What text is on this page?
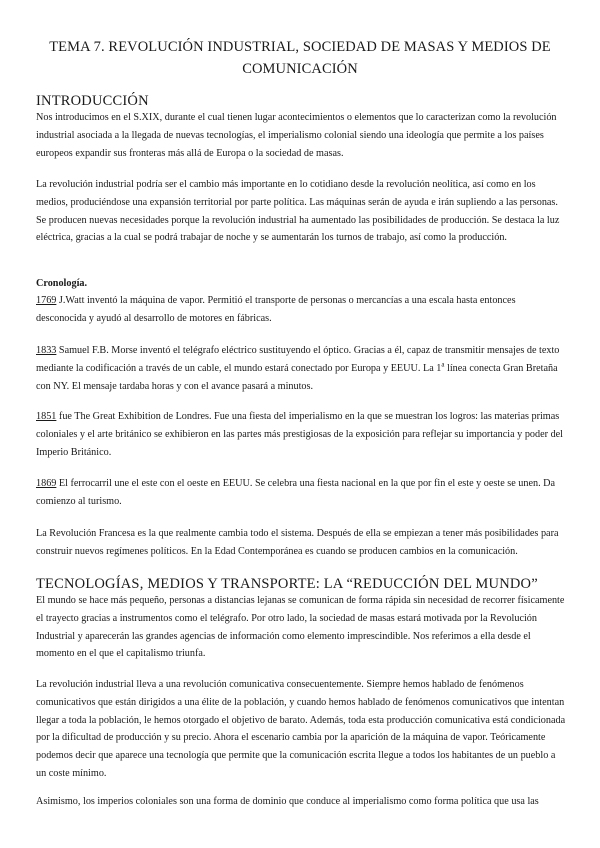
TEMA 7. REVOLUCIÓN INDUSTRIAL, SOCIEDAD DE MASAS Y MEDIOS DE COMUNICACIÓN
INTRODUCCIÓN
Nos introducimos en el S.XIX, durante el cual tienen lugar acontecimientos o elementos que lo caracterizan como la revolución industrial asociada a la llegada de nuevas tecnologías, el imperialismo colonial siendo una ideología que permite a los países europeos expandir sus fronteras más allá de Europa o la sociedad de masas.
La revolución industrial podría ser el cambio más importante en lo cotidiano desde la revolución neolítica, así como en los medios, produciéndose una expansión territorial por parte política. Las máquinas serán de ayuda e irán supliendo a las personas. Se producen nuevas necesidades porque la revolución industrial ha aumentado las posibilidades de producción. Se destaca la luz eléctrica, gracias a la cual se podrá trabajar de noche y se aumentarán los turnos de trabajo, así como la producción.
Cronología.
1769 J.Watt inventó la máquina de vapor. Permitió el transporte de personas o mercancías a una escala hasta entonces desconocida y ayudó al desarrollo de motores en fábricas.
1833 Samuel F.B. Morse inventó el telégrafo eléctrico sustituyendo el óptico. Gracias a él, capaz de transmitir mensajes de texto mediante la codificación a través de un cable, el mundo estará conectado por Europa y EEUU. La 1$^a$ línea conecta Gran Bretaña con NY. El mensaje tardaba horas y con el avance pasará a minutos.
1851 fue The Great Exhibition de Londres. Fue una fiesta del imperialismo en la que se muestran los logros: las materias primas coloniales y el arte británico se exhibieron en las partes más prestigiosas de la exposición para reflejar su importancia y poder del Imperio Británico.
1869 El ferrocarril une el este con el oeste en EEUU. Se celebra una fiesta nacional en la que por fin el este y oeste se unen. Da comienzo al turismo.
La Revolución Francesa es la que realmente cambia todo el sistema. Después de ella se empiezan a tener más posibilidades para construir nuevos regímenes políticos. En la Edad Contemporánea es cuando se producen cambios en la comunicación.
TECNOLOGÍAS, MEDIOS Y TRANSPORTE: LA “REDUCCIÓN DEL MUNDO”
El mundo se hace más pequeño, personas a distancias lejanas se comunican de forma rápida sin necesidad de recorrer físicamente el trayecto gracias a instrumentos como el telégrafo. Por otro lado, la sociedad de masas estará motivada por la Revolución Industrial y aparecerán las grandes agencias de información como elemento imprescindible. Nos referimos a ella desde el momento en el que el capitalismo triunfa.
La revolución industrial lleva a una revolución comunicativa consecuentemente. Siempre hemos hablado de fenómenos comunicativos que están dirigidos a una élite de la población, y cuando hemos hablado de fenómenos comunicativos que intentan llegar a toda la población, le hemos otorgado el objetivo de barato. Además, toda esta producción comunicativa está condicionada por la dificultad de producción y su precio. Ahora el escenario cambia por la aparición de la máquina de vapor. Teóricamente podemos decir que aparece una tecnología que permite que la comunicación escrita llegue a todos los habitantes de un pueblo a un coste mínimo.
Asimismo, los imperios coloniales son una forma de dominio que conduce al imperialismo como forma política que usa las
